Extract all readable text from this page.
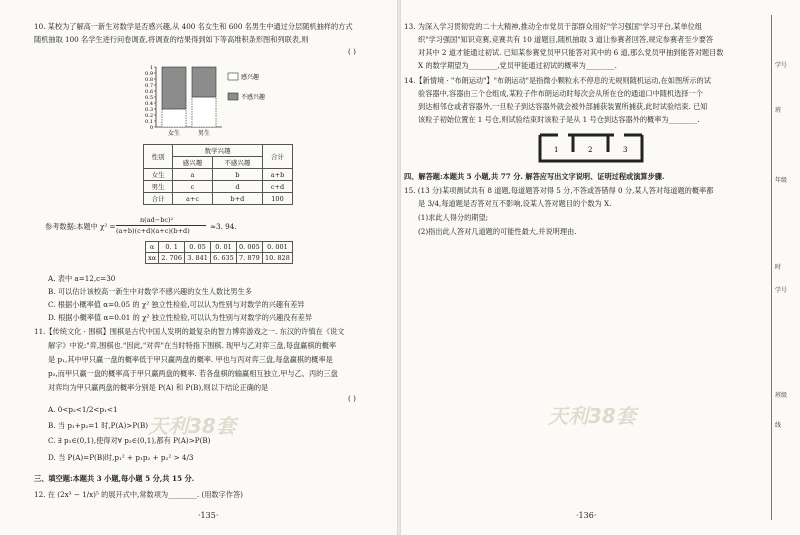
10. 某校为了解高一新生对数学是否感兴趣,从 400 名女生和 600 名男生中通过分层随机抽样的方式
随机抽取 100 名学生进行问卷调查,将调查的结果得到如下等高堆积条形图和列联表,则
( )
0
0.1
0.2
0.3
0.4
0.5
0.6
0.7
0.8
0.9
1
女生	男生
感兴趣
不感兴趣
性别	数学兴趣		合计
	感兴趣	不感兴趣	
女生	a	b	a+b
男生	c	d	c+d
合计	a+c	b+d	100
参考数据:本题中 χ² =
n(ad−bc)²
(a+b)(c+d)(a+c)(b+d)	≈3. 94.
α	0. 1	0. 05	0. 01	0. 005	0. 001
xα	2. 706	3. 841	6. 635	7. 879	10. 828
A. 表中 a=12,c=30
B. 可以估计该校高一新生中对数学不感兴趣的女生人数比男生多
C. 根据小概率值 α=0.05 的 χ² 独立性检验,可以认为性别与对数学的兴趣有差异
D. 根据小概率值 α=0.01 的 χ² 独立性检验,可以认为性别与对数学的兴趣没有差异
11.【传统文化 · 围棋】围棋是古代中国人发明的最复杂的智力博弈游戏之一. 东汉的许慎在《说文
解字》中说:"弈,围棋也."因此,"对弈"在当时特指下围棋. 现甲与乙对弈三盘,每盘赢棋的概率
是 p₁,其中甲只赢一盘的概率低于甲只赢两盘的概率. 甲也与丙对弈三盘,每盘赢棋的概率是
p₂,而甲只赢一盘的概率高于甲只赢两盘的概率. 若各盘棋的输赢相互独立,甲与乙、丙的三盘
对弈均为甲只赢两盘的概率分别是 P(A) 和 P(B),则以下结论正确的是
( )
A. 0<p₂<1/2<p₁<1
B. 当 p₁+p₂=1 时,P(A)>P(B)
C. ∃ p₁∈(0,1),使得对∀ p₂∈(0,1),都有 P(A)>P(B)
D. 当 P(A)=P(B)时,p₁² + p₁p₂ + p₂² > 4/3
天利38套
三、填空题:本题共 3 小题,每小题 5 分,共 15 分.
12. 在 (2x³ − 1/x)⁵ 的展开式中,常数项为________. (用数字作答)
·135·
13. 为深入学习贯彻党的二十大精神,推动全市党员干部群众用好"学习强国"学习平台,某单位组
织"学习强国"知识竞赛,竞赛共有 10 道题目,随机抽取 3 道让参赛者回答,规定参赛者至少要答
对其中 2 道才能通过初试. 已知某参赛党员甲只能答对其中的 6 道,那么党员甲抽到能答对题目数
X 的数学期望为________,党员甲能通过初试的概率为________.
14.【新情境 · "布朗运动"】"布朗运动"是指微小颗粒永不停息的无规则随机运动,在如图所示的试
验容器中,容器由三个仓组成,某粒子作布朗运动时每次会从所在仓的通道口中随机选择一个
到达相邻仓或者容器外,一旦粒子到达容器外就会被外部捕获装置所捕获,此时试验结束. 已知
该粒子初始位置在 1 号仓,则试验结束时该粒子是从 1 号仓到达容器外的概率为________.
1	2	3
四、解答题:本题共 5 小题,共 77 分. 解答应写出文字说明、证明过程或演算步骤.
15. (13 分)某项测试共有 8 道题,每道题答对得 5 分,不答或答错得 0 分,某人答对每道题的概率都
是 3/4,每道题是否答对互不影响,设某人答对题目的个数为 X.
(1)求此人得分的期望;
(2)指出此人答对几道题的可能性最大,并说明理由.
天利38套
·136·
学号
班
年级
时
学号
班级
线
